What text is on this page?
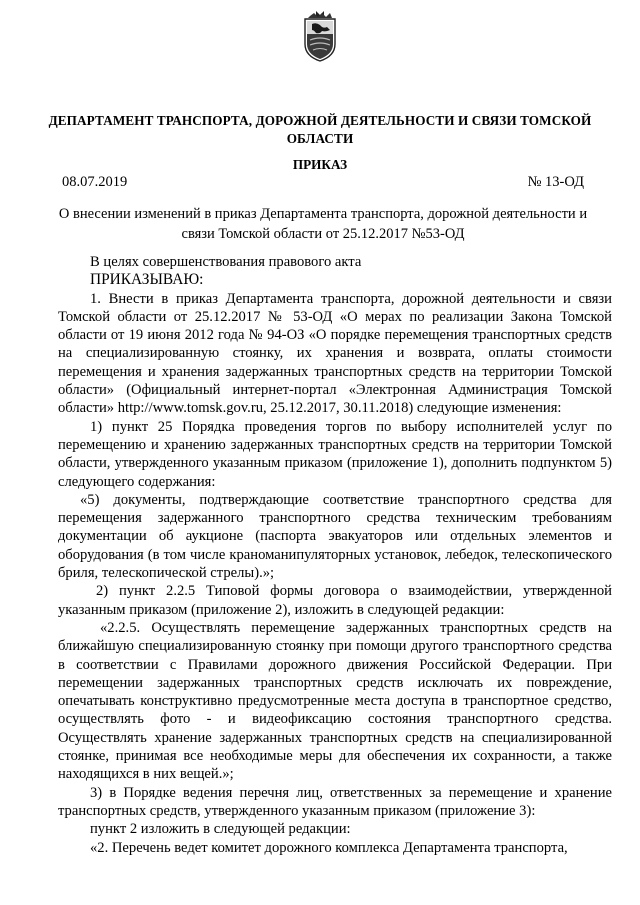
ДЕПАРТАМЕНТ ТРАНСПОРТА, ДОРОЖНОЙ ДЕЯТЕЛЬНОСТИ И СВЯЗИ ТОМСКОЙ ОБЛАСТИ
ПРИКАЗ
08.07.2019	№ 13-ОД
О внесении изменений в приказ Департамента транспорта, дорожной деятельности и связи Томской области от 25.12.2017 №53-ОД

В целях совершенствования правового акта

ПРИКАЗЫВАЮ:

1. Внести в приказ Департамента транспорта, дорожной деятельности и связи Томской области от 25.12.2017 № 53-ОД «О мерах по реализации Закона Томской области от 19 июня 2012 года № 94-ОЗ «О порядке перемещения транспортных средств на специализированную стоянку, их хранения и возврата, оплаты стоимости перемещения и хранения задержанных транспортных средств на территории Томской области» (Официальный интернет-портал «Электронная Администрация Томской области» http://www.tomsk.gov.ru, 25.12.2017, 30.11.2018) следующие изменения:

1) пункт 25 Порядка проведения торгов по выбору исполнителей услуг по перемещению и хранению задержанных транспортных средств на территории Томской области, утвержденного указанным приказом (приложение 1), дополнить подпунктом 5) следующего содержания:

«5) документы, подтверждающие соответствие транспортного средства для перемещения задержанного транспортного средства техническим требованиям документации об аукционе (паспорта эвакуаторов или отдельных элементов и оборудования (в том числе краноманипуляторных установок, лебедок, телескопического бриля, телескопической стрелы).»;

2) пункт 2.2.5 Типовой формы договора о взаимодействии, утвержденной указанным приказом (приложение 2), изложить в следующей редакции:

«2.2.5. Осуществлять перемещение задержанных транспортных средств на ближайшую специализированную стоянку при помощи другого транспортного средства в соответствии с Правилами дорожного движения Российской Федерации. При перемещении задержанных транспортных средств исключать их повреждение, опечатывать конструктивно предусмотренные места доступа в транспортное средство, осуществлять фото - и видеофиксацию состояния транспортного средства. Осуществлять хранение задержанных транспортных средств на специализированной стоянке, принимая все необходимые меры для обеспечения их сохранности, а также находящихся в них вещей.»;

3) в Порядке ведения перечня лиц, ответственных за перемещение и хранение транспортных средств, утвержденного указанным приказом (приложение 3):

пункт 2 изложить в следующей редакции:

«2. Перечень ведет комитет дорожного комплекса Департамента транспорта,
